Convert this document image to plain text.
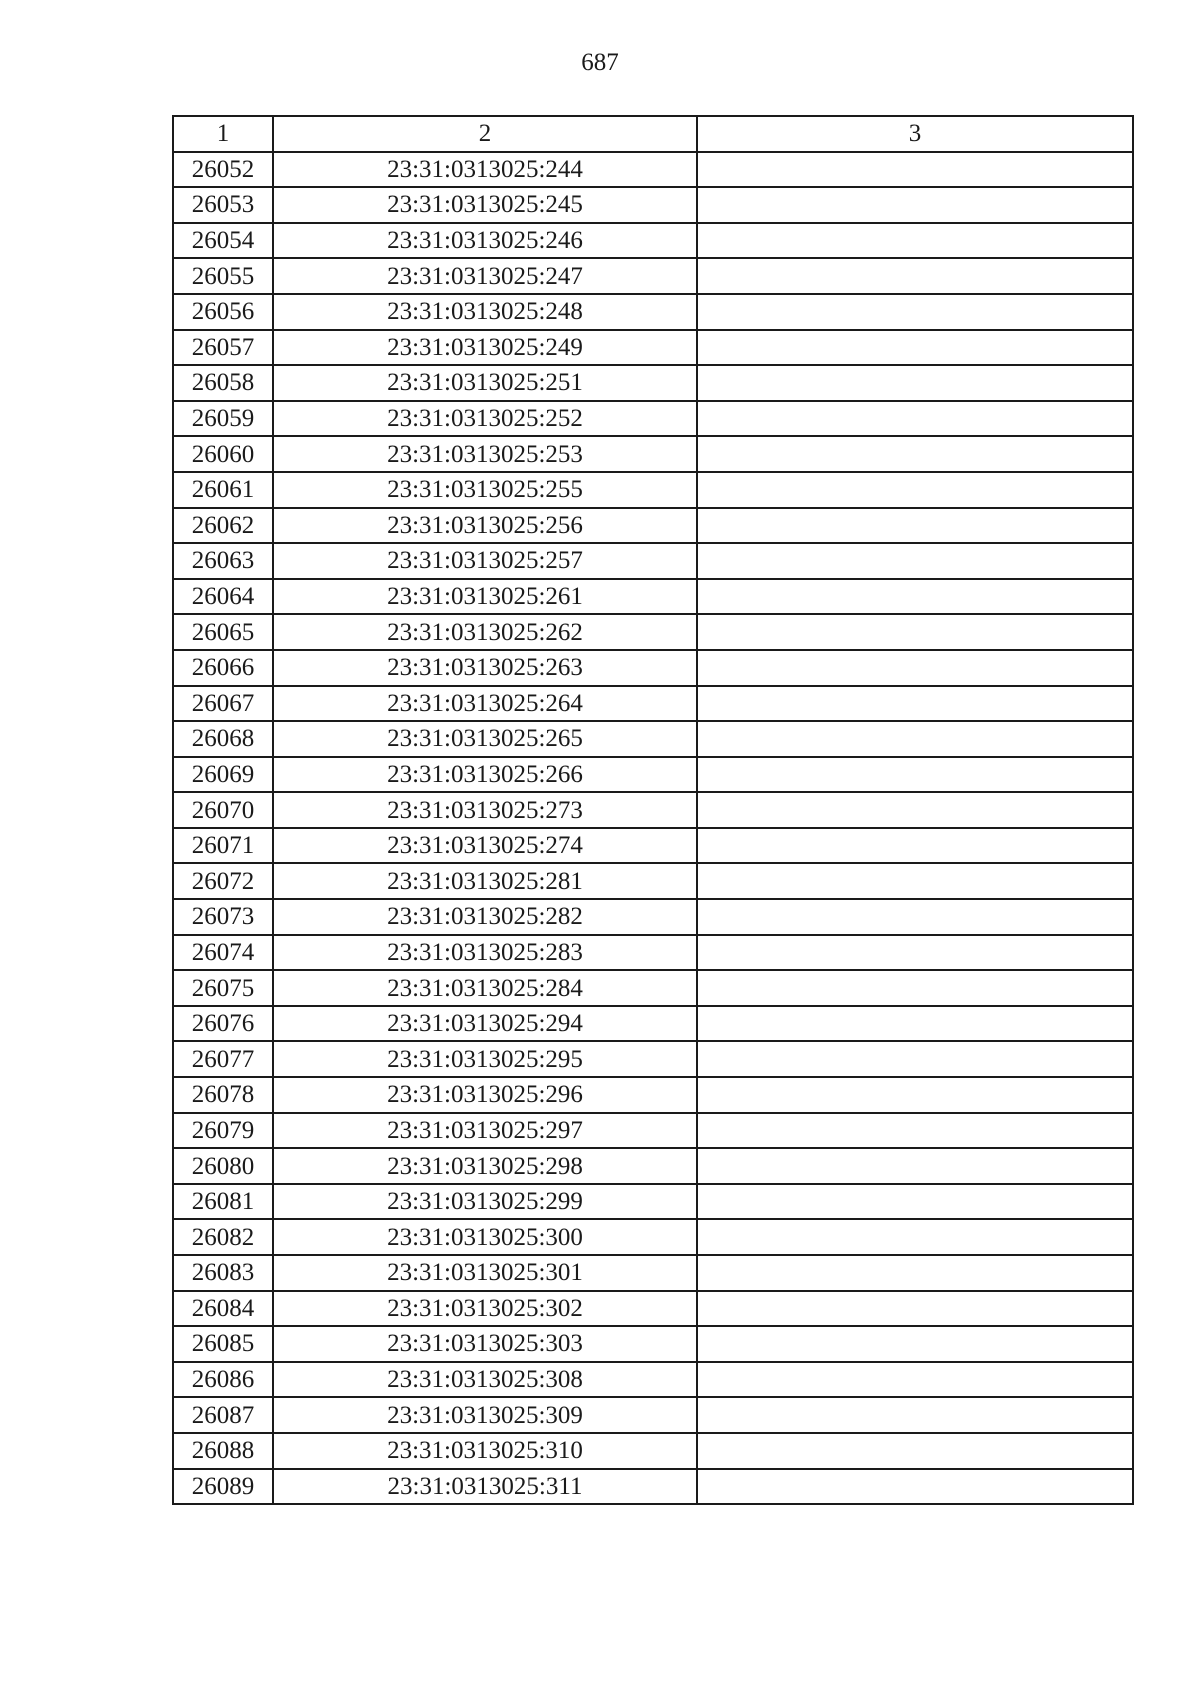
687
1	2	3
26052	23:31:0313025:244	
26053	23:31:0313025:245	
26054	23:31:0313025:246	
26055	23:31:0313025:247	
26056	23:31:0313025:248	
26057	23:31:0313025:249	
26058	23:31:0313025:251	
26059	23:31:0313025:252	
26060	23:31:0313025:253	
26061	23:31:0313025:255	
26062	23:31:0313025:256	
26063	23:31:0313025:257	
26064	23:31:0313025:261	
26065	23:31:0313025:262	
26066	23:31:0313025:263	
26067	23:31:0313025:264	
26068	23:31:0313025:265	
26069	23:31:0313025:266	
26070	23:31:0313025:273	
26071	23:31:0313025:274	
26072	23:31:0313025:281	
26073	23:31:0313025:282	
26074	23:31:0313025:283	
26075	23:31:0313025:284	
26076	23:31:0313025:294	
26077	23:31:0313025:295	
26078	23:31:0313025:296	
26079	23:31:0313025:297	
26080	23:31:0313025:298	
26081	23:31:0313025:299	
26082	23:31:0313025:300	
26083	23:31:0313025:301	
26084	23:31:0313025:302	
26085	23:31:0313025:303	
26086	23:31:0313025:308	
26087	23:31:0313025:309	
26088	23:31:0313025:310	
26089	23:31:0313025:311	
